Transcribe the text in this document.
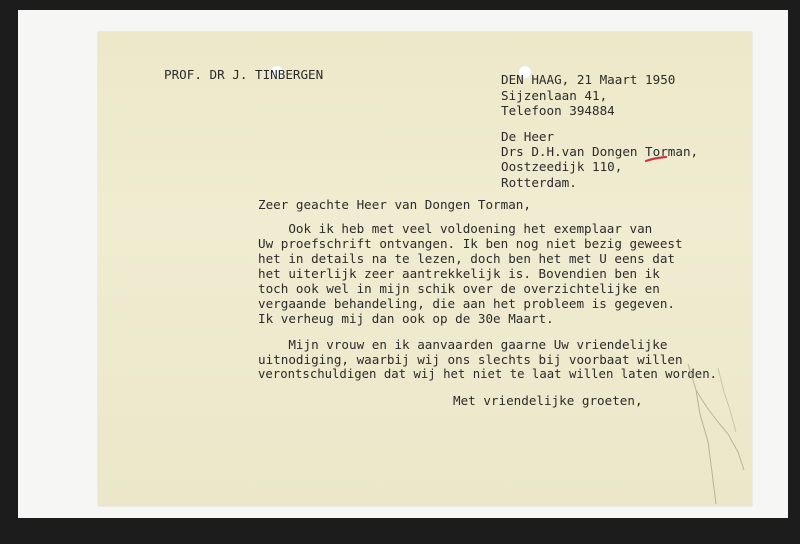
PROF. DR J. TINBERGEN	DEN HAAG, 21 Maart 1950
Sijzenlaan 41,
Telefoon 394884
De Heer
Drs D.H.van Dongen Torman,
Oostzeedijk 110,
Rotterdam.
Zeer geachte Heer van Dongen Torman,
Ook ik heb met veel voldoening het exemplaar van
Uw proefschrift ontvangen. Ik ben nog niet bezig geweest
het in details na te lezen, doch ben het met U eens dat
het uiterlijk zeer aantrekkelijk is. Bovendien ben ik
toch ook wel in mijn schik over de overzichtelijke en
vergaande behandeling, die aan het probleem is gegeven.
Ik verheug mij dan ook op de 30e Maart.
Mijn vrouw en ik aanvaarden gaarne Uw vriendelijke
uitnodiging, waarbij wij ons slechts bij voorbaat willen
verontschuldigen dat wij het niet te laat willen laten worden.
Met vriendelijke groeten,
